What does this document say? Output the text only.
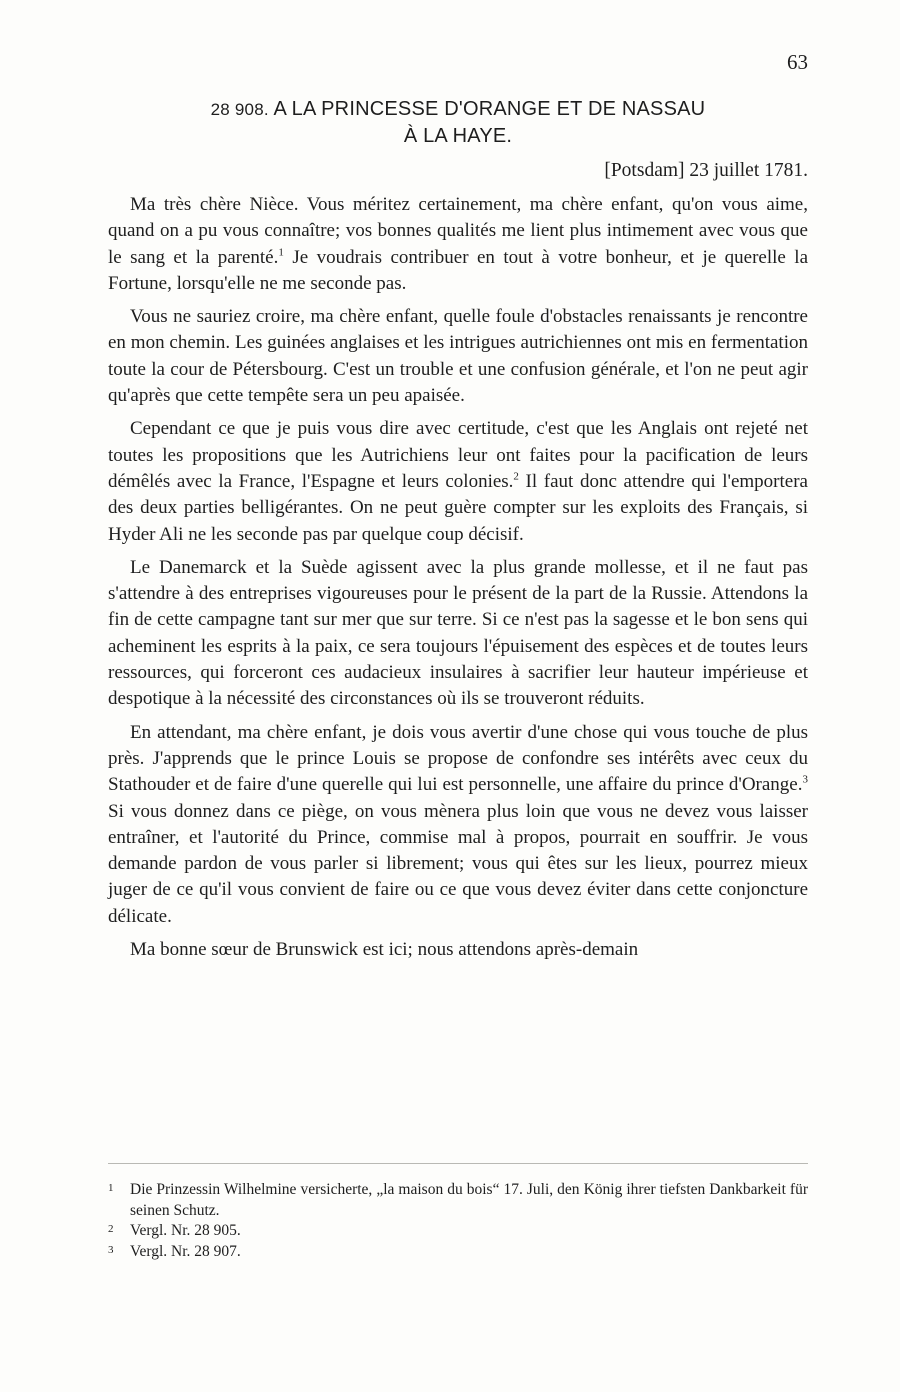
63
28 908. A LA PRINCESSE D'ORANGE ET DE NASSAU
À LA HAYE.
[Potsdam] 23 juillet 1781.

Ma très chère Nièce. Vous méritez certainement, ma chère enfant, qu'on vous aime, quand on a pu vous connaître; vos bonnes qualités me lient plus intimement avec vous que le sang et la parenté.$^1$ Je voudrais contribuer en tout à votre bonheur, et je querelle la Fortune, lorsqu'elle ne me seconde pas.

Vous ne sauriez croire, ma chère enfant, quelle foule d'obstacles renaissants je rencontre en mon chemin. Les guinées anglaises et les intrigues autrichiennes ont mis en fermentation toute la cour de Pétersbourg. C'est un trouble et une confusion générale, et l'on ne peut agir qu'après que cette tempête sera un peu apaisée.

Cependant ce que je puis vous dire avec certitude, c'est que les Anglais ont rejeté net toutes les propositions que les Autrichiens leur ont faites pour la pacification de leurs démêlés avec la France, l'Espagne et leurs colonies.$^2$ Il faut donc attendre qui l'emportera des deux parties belligérantes. On ne peut guère compter sur les exploits des Français, si Hyder Ali ne les seconde pas par quelque coup décisif.

Le Danemarck et la Suède agissent avec la plus grande mollesse, et il ne faut pas s'attendre à des entreprises vigoureuses pour le présent de la part de la Russie. Attendons la fin de cette campagne tant sur mer que sur terre. Si ce n'est pas la sagesse et le bon sens qui acheminent les esprits à la paix, ce sera toujours l'épuisement des espèces et de toutes leurs ressources, qui forceront ces audacieux insulaires à sacrifier leur hauteur impérieuse et despotique à la nécessité des circonstances où ils se trouveront réduits.

En attendant, ma chère enfant, je dois vous avertir d'une chose qui vous touche de plus près. J'apprends que le prince Louis se propose de confondre ses intérêts avec ceux du Stathouder et de faire d'une querelle qui lui est personnelle, une affaire du prince d'Orange.$^3$ Si vous donnez dans ce piège, on vous mènera plus loin que vous ne devez vous laisser entraîner, et l'autorité du Prince, commise mal à propos, pourrait en souffrir. Je vous demande pardon de vous parler si librement; vous qui êtes sur les lieux, pourrez mieux juger de ce qu'il vous convient de faire ou ce que vous devez éviter dans cette conjoncture délicate.

Ma bonne sœur de Brunswick est ici; nous attendons après-demain

1 Die Prinzessin Wilhelmine versicherte, „la maison du bois“ 17. Juli, den König ihrer tiefsten Dankbarkeit für seinen Schutz.

2 Vergl. Nr. 28 905.

3 Vergl. Nr. 28 907.
